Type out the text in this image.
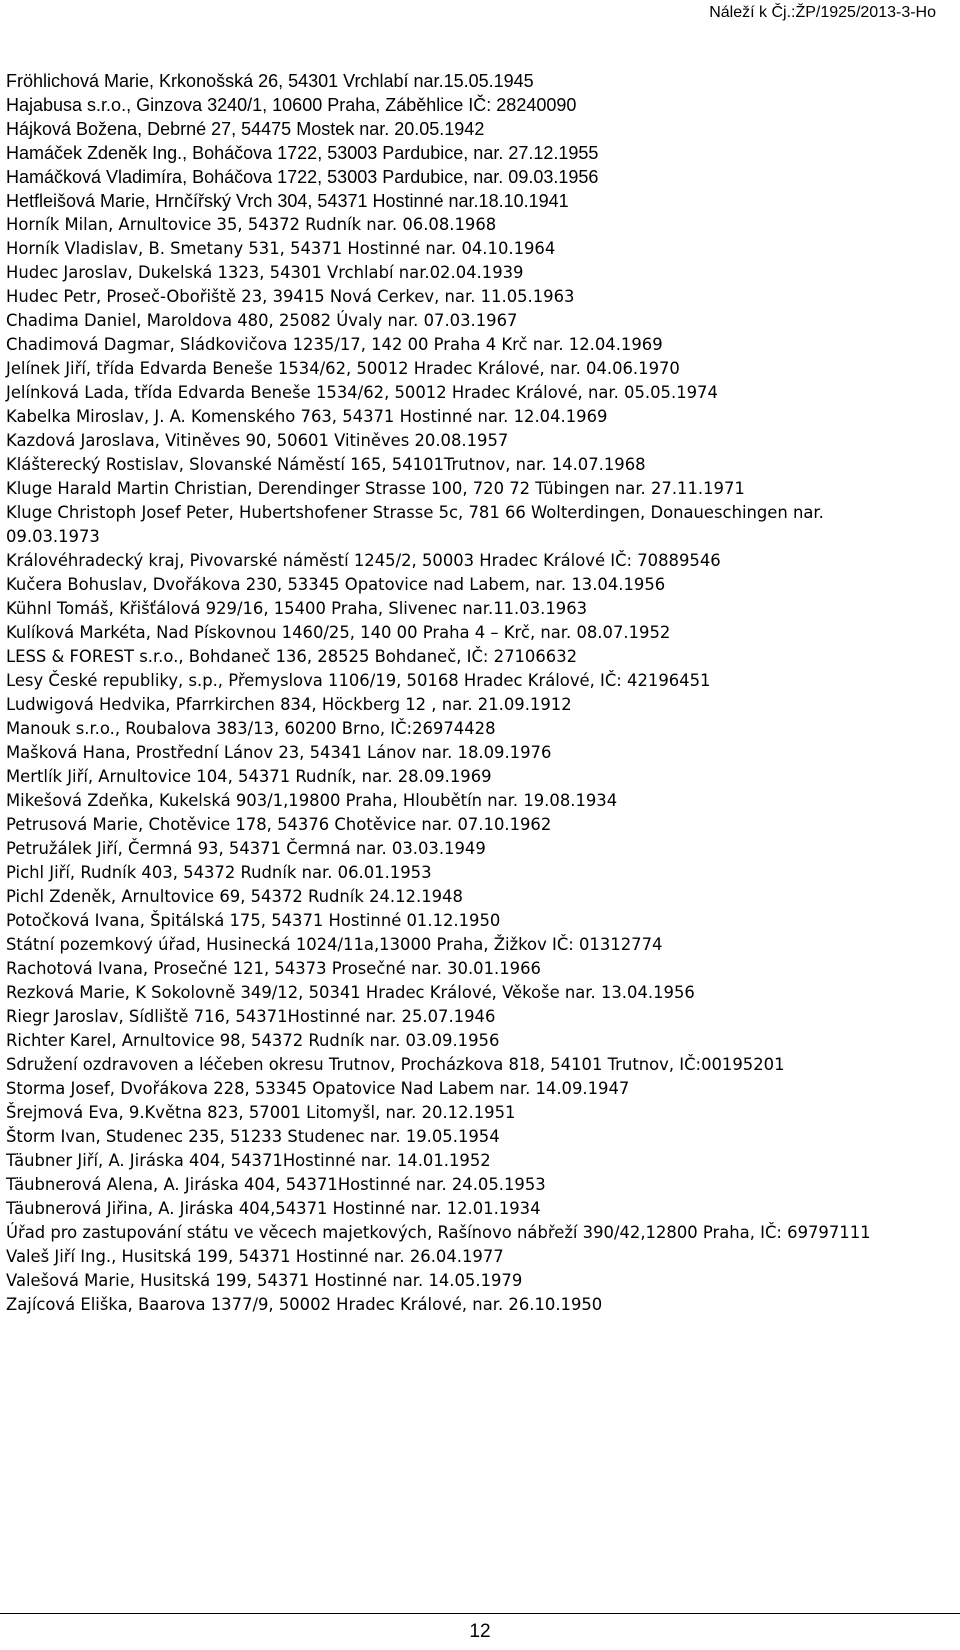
Náleží k Čj.:ŽP/1925/2013-3-Ho
Fröhlichová Marie, Krkonošská 26, 54301 Vrchlabí nar.15.05.1945
Hajabusa s.r.o., Ginzova 3240/1, 10600 Praha, Záběhlice IČ: 28240090
Hájková Božena, Debrné 27, 54475 Mostek nar. 20.05.1942
Hamáček Zdeněk Ing., Boháčova 1722, 53003 Pardubice, nar. 27.12.1955
Hamáčková Vladimíra, Boháčova 1722, 53003 Pardubice, nar. 09.03.1956
Hetfleišová Marie, Hrnčířský Vrch 304, 54371 Hostinné nar.18.10.1941
Horník Milan, Arnultovice 35, 54372 Rudník nar. 06.08.1968
Horník Vladislav, B. Smetany 531, 54371 Hostinné nar. 04.10.1964
Hudec Jaroslav, Dukelská 1323, 54301 Vrchlabí nar.02.04.1939
Hudec Petr, Proseč-Obořiště 23, 39415 Nová Cerkev, nar. 11.05.1963
Chadima Daniel, Maroldova 480, 25082 Úvaly nar. 07.03.1967
Chadimová Dagmar, Sládkovičova 1235/17, 142 00 Praha 4 Krč nar. 12.04.1969
Jelínek Jiří, třída Edvarda Beneše 1534/62, 50012 Hradec Králové, nar. 04.06.1970
Jelínková Lada, třída Edvarda Beneše 1534/62, 50012 Hradec Králové, nar. 05.05.1974
Kabelka Miroslav, J. A. Komenského 763, 54371 Hostinné nar. 12.04.1969
Kazdová Jaroslava, Vitiněves 90, 50601 Vitiněves 20.08.1957
Klášterecký Rostislav, Slovanské Náměstí 165, 54101Trutnov, nar. 14.07.1968
Kluge Harald Martin Christian, Derendinger Strasse 100, 720 72 Tübingen nar. 27.11.1971
Kluge Christoph Josef Peter, Hubertshofener Strasse 5c, 781 66 Wolterdingen, Donaueschingen nar. 09.03.1973
Královéhradecký kraj, Pivovarské náměstí 1245/2, 50003 Hradec Králové IČ: 70889546
Kučera Bohuslav, Dvořákova 230, 53345 Opatovice nad Labem, nar. 13.04.1956
Kühnl Tomáš, Křišťálová 929/16, 15400 Praha, Slivenec nar.11.03.1963
Kulíková Markéta, Nad Pískovnou 1460/25, 140 00 Praha 4 – Krč, nar. 08.07.1952
LESS & FOREST s.r.o., Bohdaneč 136, 28525 Bohdaneč, IČ: 27106632
Lesy České republiky, s.p., Přemyslova 1106/19, 50168 Hradec Králové, IČ: 42196451
Ludwigová Hedvika, Pfarrkirchen 834, Höckberg 12 , nar. 21.09.1912
Manouk s.r.o., Roubalova 383/13, 60200 Brno, IČ:26974428
Mašková Hana, Prostřední Lánov 23, 54341 Lánov nar. 18.09.1976
Mertlík Jiří, Arnultovice 104, 54371 Rudník, nar. 28.09.1969
Mikešová Zdeňka, Kukelská 903/1,19800 Praha, Hloubětín nar. 19.08.1934
Petrusová Marie, Chotěvice 178, 54376 Chotěvice nar. 07.10.1962
Petružálek Jiří, Čermná 93, 54371 Čermná nar. 03.03.1949
Pichl Jiří, Rudník 403, 54372 Rudník nar. 06.01.1953
Pichl Zdeněk, Arnultovice 69, 54372 Rudník 24.12.1948
Potočková Ivana, Špitálská 175, 54371 Hostinné 01.12.1950
Státní pozemkový úřad, Husinecká 1024/11a,13000 Praha, Žižkov IČ: 01312774
Rachotová Ivana, Prosečné 121, 54373 Prosečné nar. 30.01.1966
Rezková Marie, K Sokolovně 349/12, 50341 Hradec Králové, Věkoše nar. 13.04.1956
Riegr Jaroslav, Sídliště 716, 54371Hostinné nar. 25.07.1946
Richter Karel, Arnultovice 98, 54372 Rudník nar. 03.09.1956
Sdružení ozdravoven a léčeben okresu Trutnov, Procházkova 818, 54101 Trutnov, IČ:00195201
Storma Josef, Dvořákova 228, 53345 Opatovice Nad Labem nar. 14.09.1947
Šrejmová Eva, 9.Května 823, 57001 Litomyšl, nar. 20.12.1951
Štorm Ivan, Studenec 235, 51233 Studenec nar. 19.05.1954
Täubner Jiří, A. Jiráska 404, 54371Hostinné nar. 14.01.1952
Täubnerová Alena, A. Jiráska 404, 54371Hostinné nar. 24.05.1953
Täubnerová Jiřina, A. Jiráska 404,54371 Hostinné nar. 12.01.1934
Úřad pro zastupování státu ve věcech majetkových, Rašínovo nábřeží 390/42,12800 Praha, IČ: 69797111
Valeš Jiří Ing., Husitská 199, 54371 Hostinné nar. 26.04.1977
Valešová Marie, Husitská 199, 54371 Hostinné nar. 14.05.1979
Zajícová Eliška, Baarova 1377/9, 50002 Hradec Králové, nar. 26.10.1950
12
